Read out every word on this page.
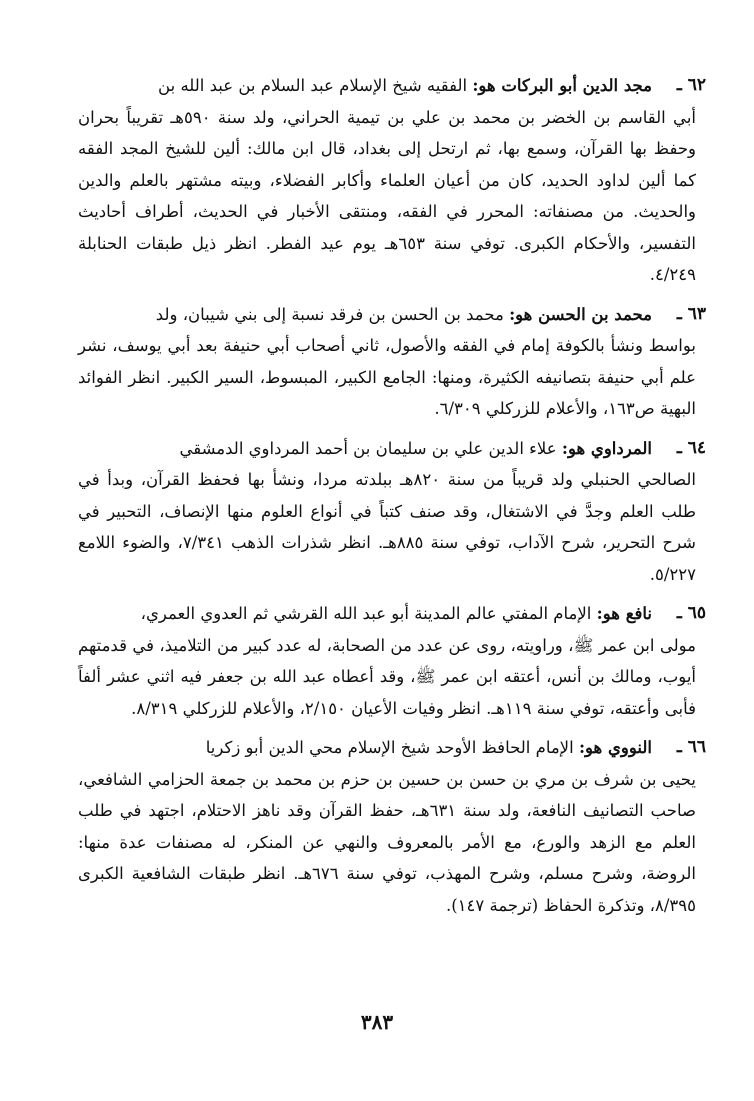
٦٢ ـ
مجد الدين أبو البركات هو: الفقيه شيخ الإسلام عبد السلام بن عبد الله بن
أبي القاسم بن الخضر بن محمد بن علي بن تيمية الحراني، ولد سنة ٥٩٠هـ تقريباً بحران وحفظ بها القرآن، وسمع بها، ثم ارتحل إلى بغداد، قال ابن مالك: ألين للشيخ المجد الفقه كما ألين لداود الحديد، كان من أعيان العلماء وأكابر الفضلاء، وبيته مشتهر بالعلم والدين والحديث. من مصنفاته: المحرر في الفقه، ومنتقى الأخبار في الحديث، أطراف أحاديث التفسير، والأحكام الكبرى. توفي سنة ٦٥٣هـ يوم عيد الفطر. انظر ذيل طبقات الحنابلة ٤/٢٤٩.
٦٣ ـ
محمد بن الحسن هو: محمد بن الحسن بن فرقد نسبة إلى بني شيبان، ولد
بواسط ونشأ بالكوفة إمام في الفقه والأصول، ثاني أصحاب أبي حنيفة بعد أبي يوسف، نشر علم أبي حنيفة بتصانيفه الكثيرة، ومنها: الجامع الكبير، المبسوط، السير الكبير. انظر الفوائد البهية ص١٦٣، والأعلام للزركلي ٦/٣٠٩.
٦٤ ـ
المرداوي هو: علاء الدين علي بن سليمان بن أحمد المرداوي الدمشقي
الصالحي الحنبلي ولد قريباً من سنة ٨٢٠هـ ببلدته مردا، ونشأ بها فحفظ القرآن، وبدأ في طلب العلم وجدَّ في الاشتغال، وقد صنف كتباً في أنواع العلوم منها الإنصاف، التحبير في شرح التحرير، شرح الآداب، توفي سنة ٨٨٥هـ. انظر شذرات الذهب ٧/٣٤١، والضوء اللامع ٥/٢٢٧.
٦٥ ـ
نافع هو: الإمام المفتي عالم المدينة أبو عبد الله القرشي ثم العدوي العمري،
مولى ابن عمر ﷺ، وراويته، روى عن عدد من الصحابة، له عدد كبير من التلاميذ، في قدمتهم أيوب، ومالك بن أنس، أعتقه ابن عمر ﷺ، وقد أعطاه عبد الله بن جعفر فيه اثني عشر ألفاً فأبى وأعتقه، توفي سنة ١١٩هـ. انظر وفيات الأعيان ٢/١٥٠، والأعلام للزركلي ٨/٣١٩.
٦٦ ـ
النووي هو: الإمام الحافظ الأوحد شيخ الإسلام محي الدين أبو زكريا
يحيى بن شرف بن مري بن حسن بن حسين بن حزم بن محمد بن جمعة الحزامي الشافعي، صاحب التصانيف النافعة، ولد سنة ٦٣١هـ، حفظ القرآن وقد ناهز الاحتلام، اجتهد في طلب العلم مع الزهد والورع، مع الأمر بالمعروف والنهي عن المنكر، له مصنفات عدة منها: الروضة، وشرح مسلم، وشرح المهذب، توفي سنة ٦٧٦هـ. انظر طبقات الشافعية الكبرى ٨/٣٩٥، وتذكرة الحفاظ (ترجمة ١٤٧).
٣٨٣
